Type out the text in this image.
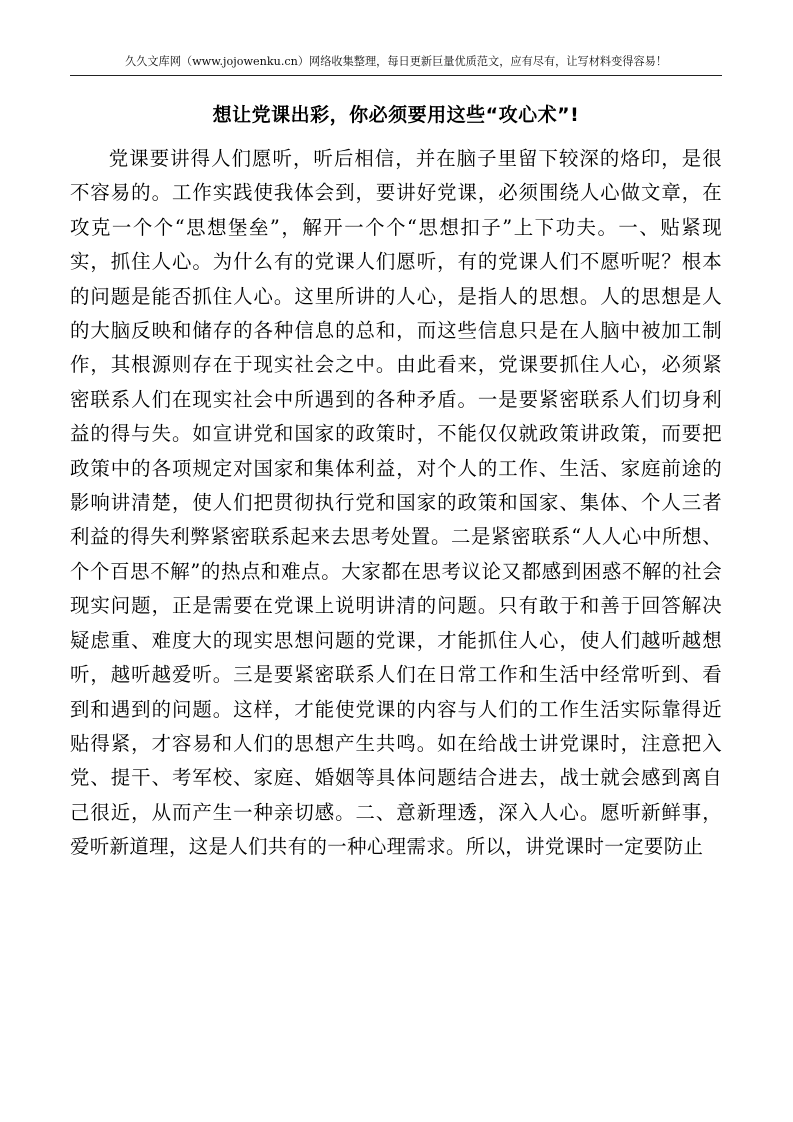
久久文库网（www.jojowenku.cn）网络收集整理，每日更新巨量优质范文，应有尽有，让写材料变得容易！
想让党课出彩，你必须要用这些“攻心术”!

党课要讲得人们愿听，听后相信，并在脑子里留下较深的烙印，是很不容易的。工作实践使我体会到，要讲好党课，必须围绕人心做文章，在攻克一个个“思想堡垒”，解开一个个“思想扣子”上下功夫。一、贴紧现实，抓住人心。为什么有的党课人们愿听，有的党课人们不愿听呢？根本的问题是能否抓住人心。这里所讲的人心，是指人的思想。人的思想是人的大脑反映和储存的各种信息的总和，而这些信息只是在人脑中被加工制作，其根源则存在于现实社会之中。由此看来，党课要抓住人心，必须紧密联系人们在现实社会中所遇到的各种矛盾。一是要紧密联系人们切身利益的得与失。如宣讲党和国家的政策时，不能仅仅就政策讲政策，而要把政策中的各项规定对国家和集体利益，对个人的工作、生活、家庭前途的影响讲清楚，使人们把贯彻执行党和国家的政策和国家、集体、个人三者利益的得失利弊紧密联系起来去思考处置。二是紧密联系“人人心中所想、个个百思不解”的热点和难点。大家都在思考议论又都感到困惑不解的社会现实问题，正是需要在党课上说明讲清的问题。只有敢于和善于回答解决疑虑重、难度大的现实思想问题的党课，才能抓住人心，使人们越听越想听，越听越爱听。三是要紧密联系人们在日常工作和生活中经常听到、看到和遇到的问题。这样，才能使党课的内容与人们的工作生活实际靠得近贴得紧，才容易和人们的思想产生共鸣。如在给战士讲党课时，注意把入党、提干、考军校、家庭、婚姻等具体问题结合进去，战士就会感到离自己很近，从而产生一种亲切感。二、意新理透，深入人心。愿听新鲜事，爱听新道理，这是人们共有的一种心理需求。所以，讲党课时一定要防止
